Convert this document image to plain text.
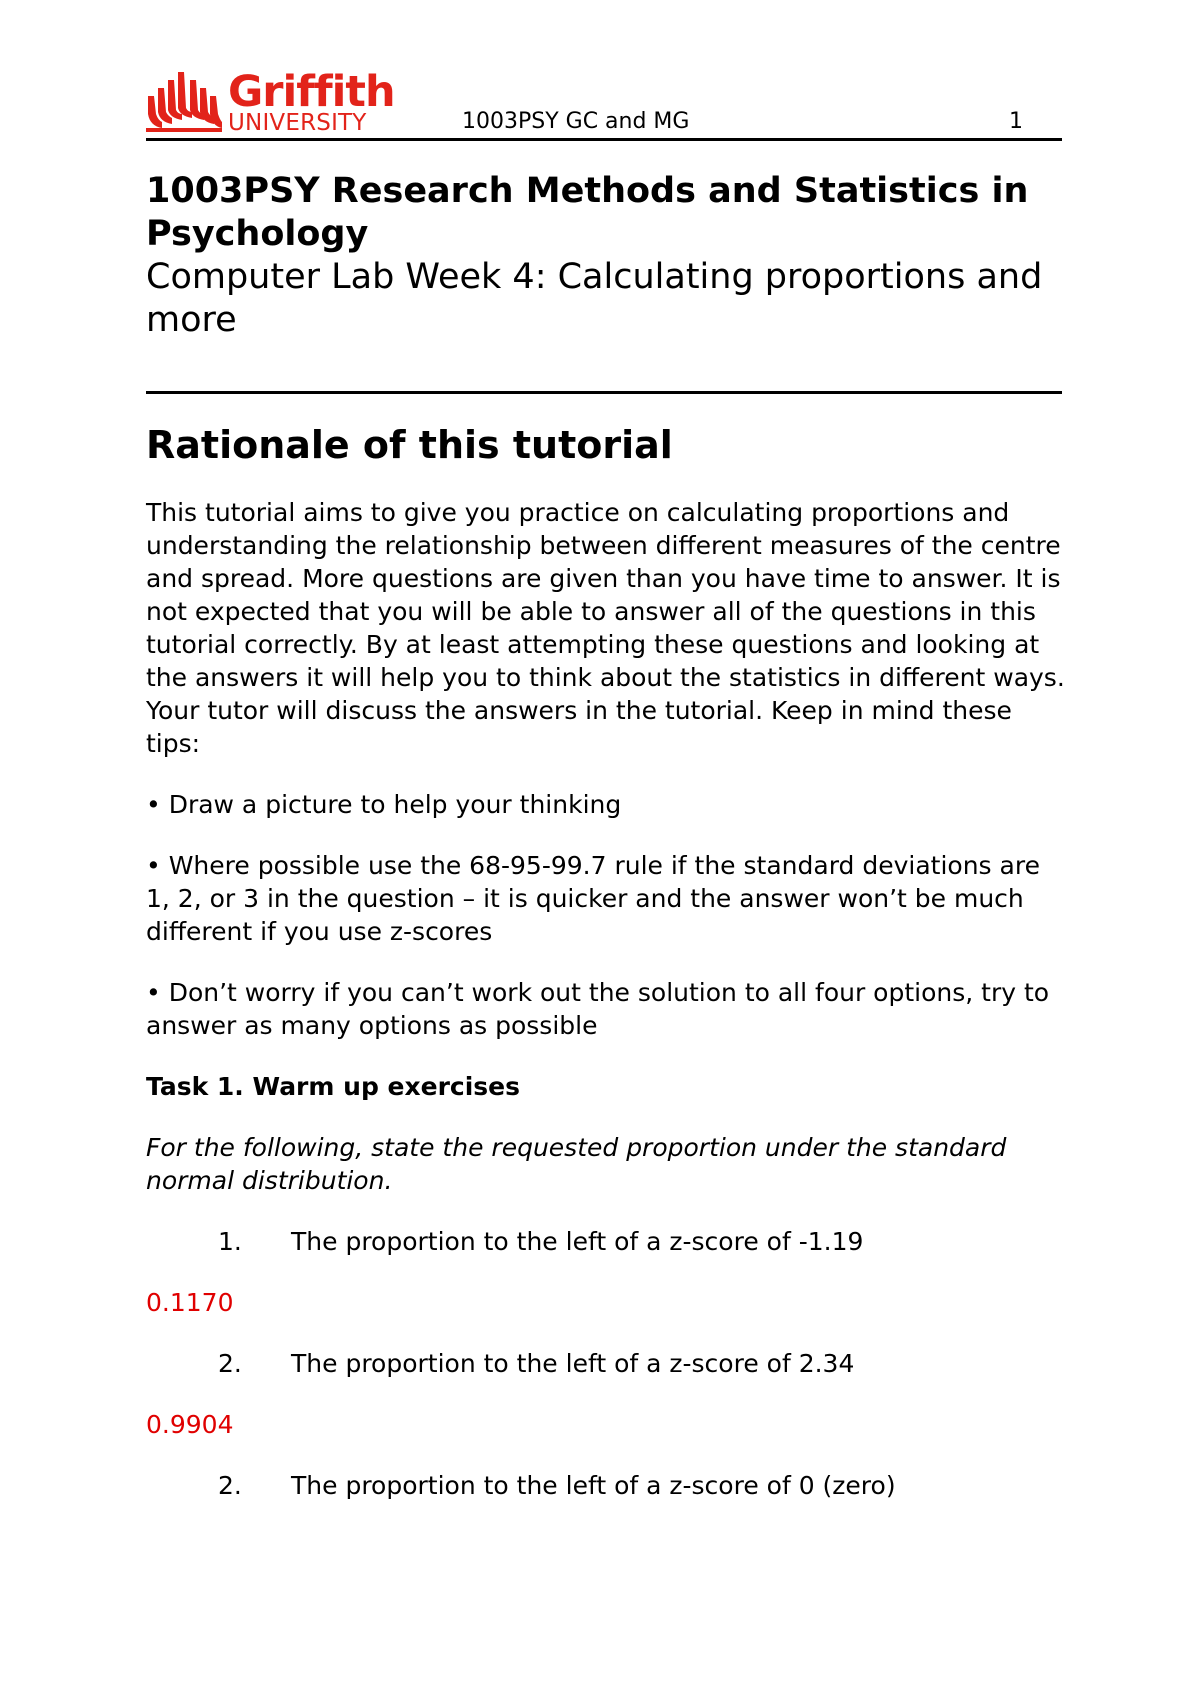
Griffith
UNIVERSITY	1003PSY GC and MG	1
1003PSY Research Methods and Statistics in Psychology

Computer Lab Week 4: Calculating proportions and more

Rationale of this tutorial

This tutorial aims to give you practice on calculating proportions and understanding the relationship between different measures of the centre and spread. More questions are given than you have time to answer. It is not expected that you will be able to answer all of the questions in this tutorial correctly. By at least attempting these questions and looking at the answers it will help you to think about the statistics in different ways. Your tutor will discuss the answers in the tutorial. Keep in mind these tips:

• Draw a picture to help your thinking

• Where possible use the 68-95-99.7 rule if the standard deviations are 1, 2, or 3 in the question – it is quicker and the answer won’t be much different if you use z-scores

• Don’t worry if you can’t work out the solution to all four options, try to answer as many options as possible

Task 1. Warm up exercises

For the following, state the requested proportion under the standard normal distribution.

1. The proportion to the left of a z-score of -1.19

0.1170

2. The proportion to the left of a z-score of 2.34

0.9904

2. The proportion to the left of a z-score of 0 (zero)
